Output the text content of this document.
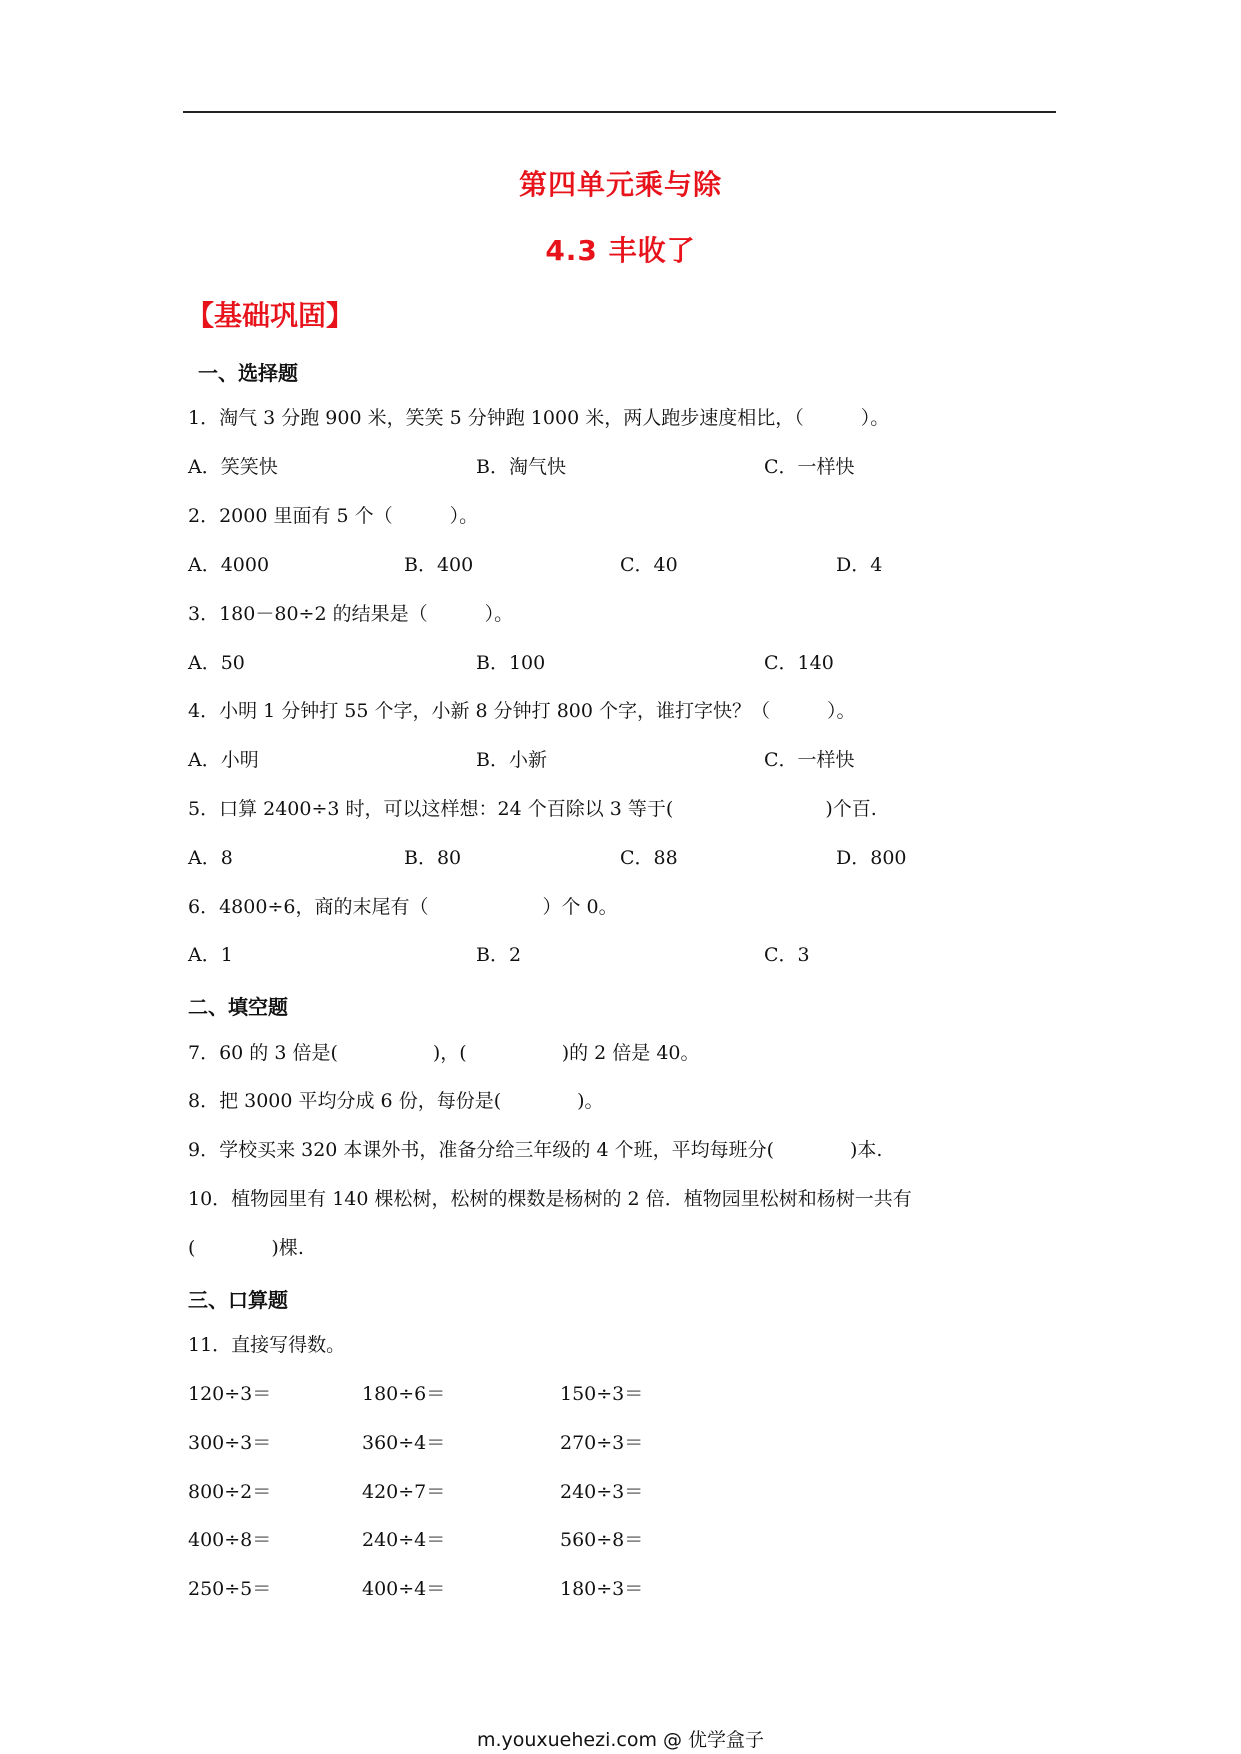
第四单元乘与除
4.3 丰收了
【基础巩固】
一、选择题
1．淘气 3 分跑 900 米，笑笑 5 分钟跑 1000 米，两人跑步速度相比，（　　　）。
A．笑笑快	B．淘气快	C．一样快
2．2000 里面有 5 个（　　　）。
A．4000	B．400	C．40	D．4
3．180－80÷2 的结果是（　　　）。
A．50	B．100	C．140
4．小明 1 分钟打 55 个字，小新 8 分钟打 800 个字，谁打字快？（　　　）。
A．小明	B．小新	C．一样快
5．口算 2400÷3 时，可以这样想：24 个百除以 3 等于(　　　　　　　　)个百.
A．8	B．80	C．88	D．800
6．4800÷6，商的末尾有（　　　　　　）个 0。
A．1	B．2	C．3
二、填空题
7．60 的 3 倍是(　　　　　)，(　　　　　)的 2 倍是 40。
8．把 3000 平均分成 6 份，每份是(　　　　)。
9．学校买来 320 本课外书，准备分给三年级的 4 个班，平均每班分(　　　　)本.
10．植物园里有 140 棵松树，松树的棵数是杨树的 2 倍．植物园里松树和杨树一共有
(　　　　)棵.
三、口算题
11．直接写得数。
120÷3＝	180÷6＝	150÷3＝
300÷3＝	360÷4＝	270÷3＝
800÷2＝	420÷7＝	240÷3＝
400÷8＝	240÷4＝	560÷8＝
250÷5＝	400÷4＝	180÷3＝
m.youxuehezi.com @ 优学盒子
